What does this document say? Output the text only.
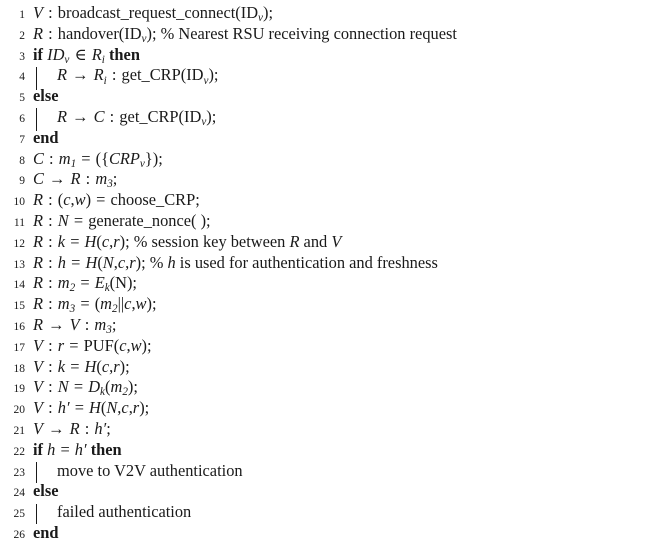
1 V : $broadcast\_request\_connect(ID_v)$;
2 R : $handover(ID_v)$; % Nearest RSU receiving connection request
3 if $ID_v$ ∈ $R_i$ then
4	$R \to R_i$ : $get\_CRP(ID_v)$;
5 else
6	R → C : $get\_CRP(ID_v)$;
7 end
8 C : $m_1 = (\{CRP_v\})$;
9 C → R : $m_3$;
10 R : (c,w) = choose_CRP;
11 R : N = generate_nonce( );
12 R : k = H(c,r); % session key between R and V
13 R : h = H(N,c,r); % h is used for authentication and freshness
14 R : $m_2 = E_k(N)$;
15 R : $m_3 = (m_2||c,w)$;
16 R → V : $m_3$;
17 V : r = PUF(c,w);
18 V : k = H(c,r);
19 V : $N = D_k(m_2)$;
20 V : h′ = H(N,c,r);
21 V → R : h′;
22 if h = h′ then
23	move to V2V authentication
24 else
25	failed authentication
26 end
